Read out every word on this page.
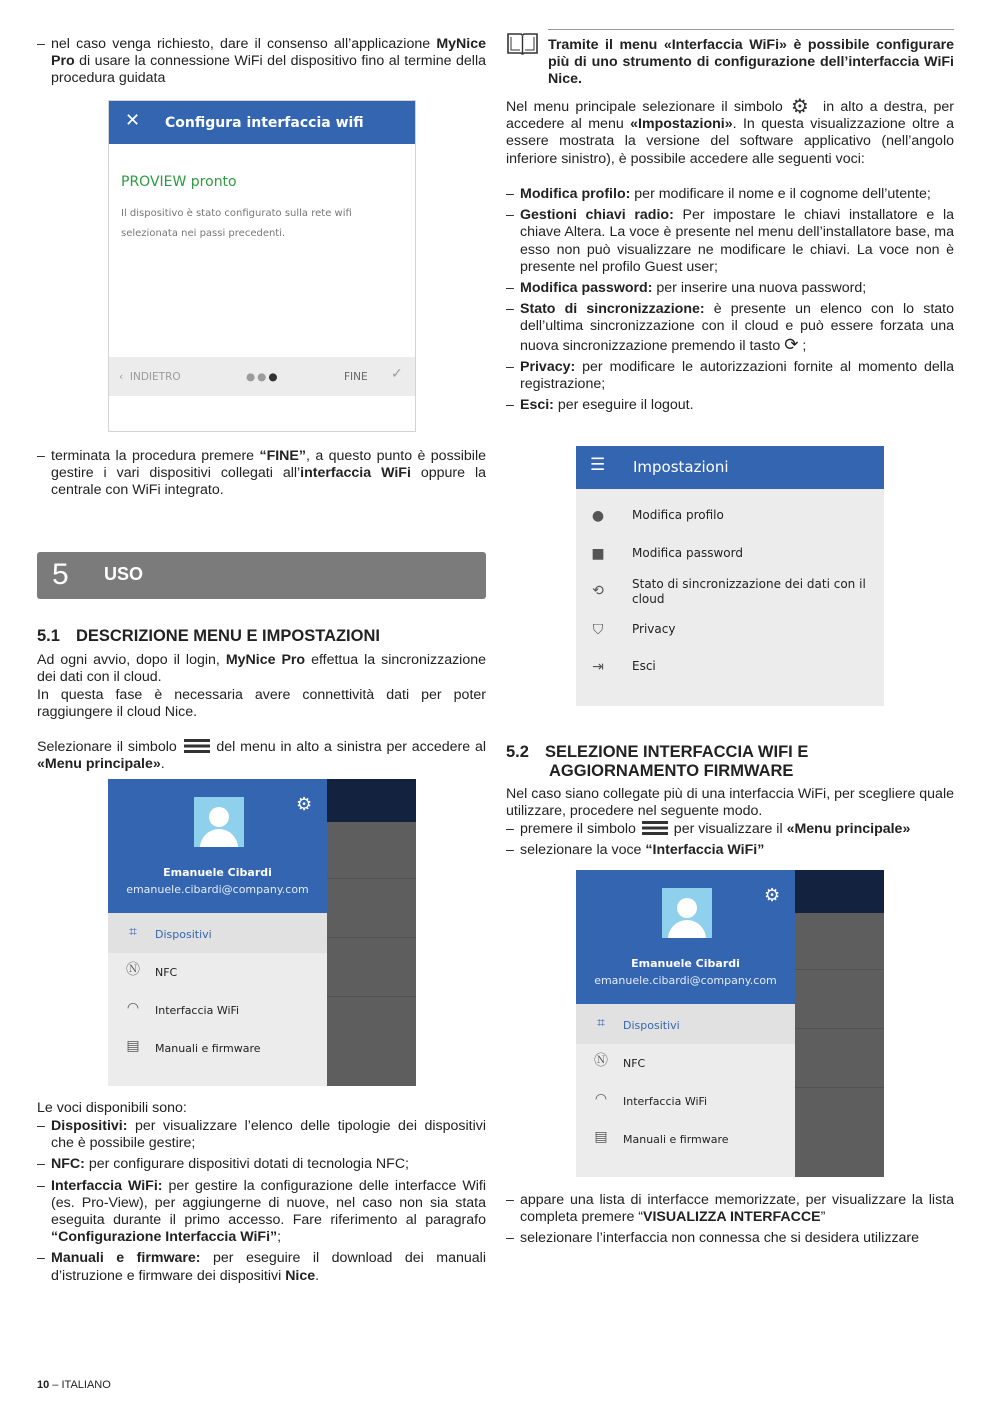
– nel caso venga richiesto, dare il consenso all’applicazione MyNice Pro di usare la connessione WiFi del dispositivo fino al termine della procedura guidata
✕ Configura interfaccia wifi
PROVIEW pronto
Il dispositivo è stato configurato sulla rete wifi selezionata nei passi precedenti.
‹ INDIETRO	●●●	FINE ✓
– terminata la procedura premere “FINE”, a questo punto è possibile gestire i vari dispositivi collegati all’interfaccia WiFi oppure la centrale con WiFi integrato.
5 USO
5.1 DESCRIZIONE MENU E IMPOSTAZIONI
Ad ogni avvio, dopo il login, MyNice Pro effettua la sincronizzazione dei dati con il cloud.
In questa fase è necessaria avere connettività dati per poter raggiungere il cloud Nice.
Selezionare il simbolo  del menu in alto a sinistra per accedere al «Menu principale».
⚙
Emanuele Cibardi
emanuele.cibardi@company.com
⌗	Dispositivi
Ⓝ NFC
◠ Interfaccia WiFi
▤ Manuali e firmware
Le voci disponibili sono:
– Dispositivi: per visualizzare l’elenco delle tipologie dei dispositivi che è possibile gestire;
– NFC: per configurare dispositivi dotati di tecnologia NFC;
– Interfaccia WiFi: per gestire la configurazione delle interfacce Wifi (es. Pro-View), per aggiungerne di nuove, nel caso non sia stata eseguita durante il primo accesso. Fare riferimento al paragrafo “Configurazione Interfaccia WiFi”;
– Manuali e firmware: per eseguire il download dei manuali d’istruzione e firmware dei dispositivi Nice.
Tramite il menu «Interfaccia WiFi» è possibile configurare più di uno strumento di configurazione dell’interfaccia WiFi Nice.
Nel menu principale selezionare il simbolo ⚙ in alto a destra, per accedere al menu «Impostazioni». In questa visualizzazione oltre a essere mostrata la versione del software applicativo (nell’angolo inferiore sinistro), è possibile accedere alle seguenti voci:
– Modifica profilo: per modificare il nome e il cognome dell’utente;
– Gestioni chiavi radio: Per impostare le chiavi installatore e la chiave Altera. La voce è presente nel menu dell’installatore base, ma esso non può visualizzare ne modificare le chiavi. La voce non è presente nel profilo Guest user;
– Modifica password: per inserire una nuova password;
– Stato di sincronizzazione: è presente un elenco con lo stato dell’ultima sincronizzazione con il cloud e può essere forzata una nuova sincronizzazione premendo il tasto ⟳ ;
– Privacy: per modificare le autorizzazioni fornite al momento della registrazione;
– Esci: per eseguire il logout.
☰ Impostazioni
●	Modifica profilo
■ Modifica password
⟲	Stato di sincronizzazione dei dati con il cloud
⛉	Privacy
⇥	Esci
5.2 SELEZIONE INTERFACCIA WIFI E
AGGIORNAMENTO FIRMWARE
Nel caso siano collegate più di una interfaccia WiFi, per scegliere quale utilizzare, procedere nel seguente modo.
– premere il simbolo  per visualizzare il «Menu principale»
– selezionare la voce “Interfaccia WiFi”
⚙
Emanuele Cibardi
emanuele.cibardi@company.com
⌗	Dispositivi
Ⓝ NFC
◠ Interfaccia WiFi
▤ Manuali e firmware
– appare una lista di interfacce memorizzate, per visualizzare la lista completa premere “VISUALIZZA INTERFACCE”
– selezionare l’interfaccia non connessa che si desidera utilizzare
10 – ITALIANO
